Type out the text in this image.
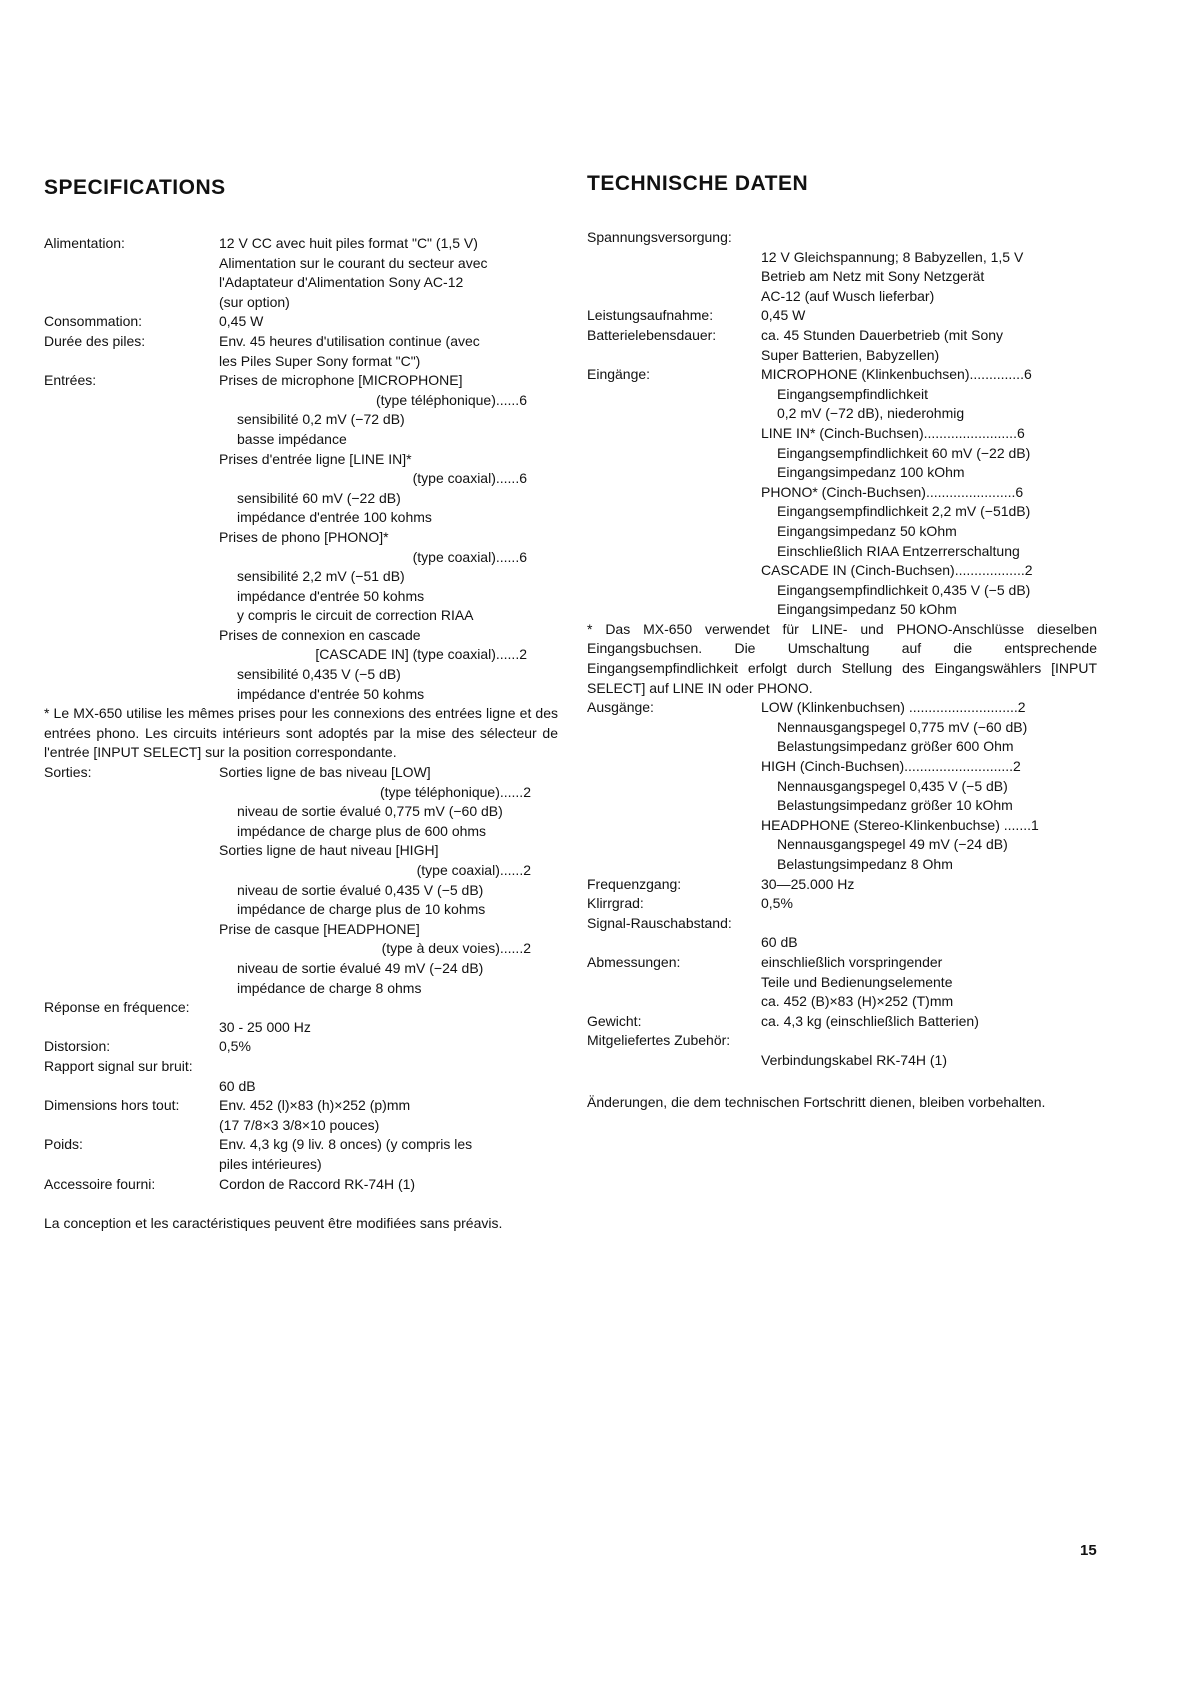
SPECIFICATIONS
Alimentation:	12 V CC avec huit piles format "C" (1,5 V)
Alimentation sur le courant du secteur avec
l'Adaptateur d'Alimentation Sony AC-12
(sur option)
Consommation:	0,45 W
Durée des piles:	Env. 45 heures d'utilisation continue (avec
les Piles Super Sony format "C")
Entrées:	Prises de microphone [MICROPHONE]
(type téléphonique)......6
sensibilité 0,2 mV (−72 dB)
basse impédance
Prises d'entrée ligne [LINE IN]*
(type coaxial)......6
sensibilité 60 mV (−22 dB)
impédance d'entrée 100 kohms
Prises de phono [PHONO]*
(type coaxial)......6
sensibilité 2,2 mV (−51 dB)
impédance d'entrée 50 kohms
y compris le circuit de correction RIAA
Prises de connexion en cascade
[CASCADE IN] (type coaxial)......2
sensibilité 0,435 V (−5 dB)
impédance d'entrée 50 kohms
* Le MX-650 utilise les mêmes prises pour les connexions des entrées ligne et des entrées phono. Les circuits intérieurs sont adoptés par la mise des sélecteur de l'entrée [INPUT SELECT] sur la position correspondante.
Sorties:	Sorties ligne de bas niveau [LOW]
(type téléphonique)......2
niveau de sortie évalué 0,775 mV (−60 dB)
impédance de charge plus de 600 ohms
Sorties ligne de haut niveau [HIGH]
(type coaxial)......2
niveau de sortie évalué 0,435 V (−5 dB)
impédance de charge plus de 10 kohms
Prise de casque [HEADPHONE]
(type à deux voies)......2
niveau de sortie évalué 49 mV (−24 dB)
impédance de charge 8 ohms
Réponse en fréquence:
30 - 25 000 Hz
Distorsion:	0,5%
Rapport signal sur bruit:
60 dB
Dimensions hors tout:	Env. 452 (l)×83 (h)×252 (p)mm
(17 7/8×3 3/8×10 pouces)
Poids:	Env. 4,3 kg (9 liv. 8 onces) (y compris les
piles intérieures)
Accessoire fourni:	Cordon de Raccord RK-74H (1)
La conception et les caractéristiques peuvent être modifiées sans préavis.
TECHNISCHE DATEN
Spannungsversorgung:
12 V Gleichspannung; 8 Babyzellen, 1,5 V
Betrieb am Netz mit Sony Netzgerät
AC-12 (auf Wusch lieferbar)
Leistungsaufnahme:	0,45 W
Batterielebensdauer:	ca. 45 Stunden Dauerbetrieb (mit Sony
Super Batterien, Babyzellen)
Eingänge:	MICROPHONE (Klinkenbuchsen)..............6
Eingangsempfindlichkeit
0,2 mV (−72 dB), niederohmig
LINE IN* (Cinch-Buchsen)........................6
Eingangsempfindlichkeit 60 mV (−22 dB)
Eingangsimpedanz 100 kOhm
PHONO* (Cinch-Buchsen).......................6
Eingangsempfindlichkeit 2,2 mV (−51dB)
Eingangsimpedanz 50 kOhm
Einschließlich RIAA Entzerrerschaltung
CASCADE IN (Cinch-Buchsen)..................2
Eingangsempfindlichkeit 0,435 V (−5 dB)
Eingangsimpedanz 50 kOhm
* Das MX-650 verwendet für LINE- und PHONO-Anschlüsse dieselben Eingangsbuchsen. Die Umschaltung auf die entsprechende Eingangsempfindlichkeit erfolgt durch Stellung des Eingangswählers [INPUT SELECT] auf LINE IN oder PHONO.
Ausgänge:	LOW (Klinkenbuchsen) ............................2
Nennausgangspegel 0,775 mV (−60 dB)
Belastungsimpedanz größer 600 Ohm
HIGH (Cinch-Buchsen)............................2
Nennausgangspegel 0,435 V (−5 dB)
Belastungsimpedanz größer 10 kOhm
HEADPHONE (Stereo-Klinkenbuchse) .......1
Nennausgangspegel 49 mV (−24 dB)
Belastungsimpedanz 8 Ohm
Frequenzgang:	30—25.000 Hz
Klirrgrad:	0,5%
Signal-Rauschabstand:
60 dB
Abmessungen:	einschließlich vorspringender
Teile und Bedienungselemente
ca. 452 (B)×83 (H)×252 (T)mm
Gewicht:	ca. 4,3 kg (einschließlich Batterien)
Mitgeliefertes Zubehör:
Verbindungskabel RK-74H (1)
Änderungen, die dem technischen Fortschritt dienen, bleiben vorbehalten.
15
